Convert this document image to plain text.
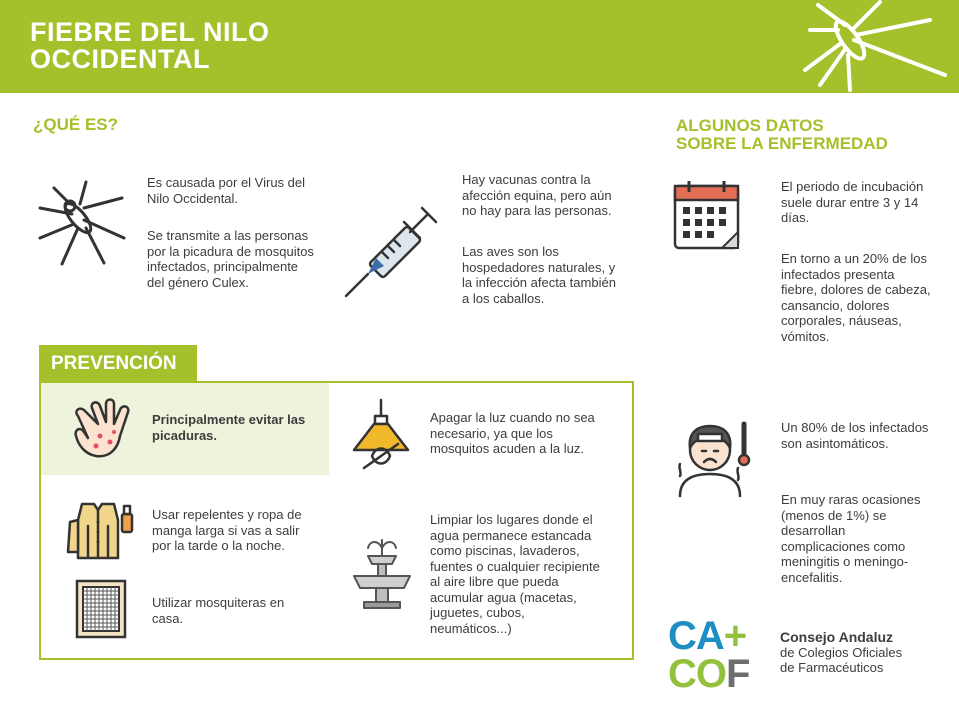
FIEBRE DEL NILO
OCCIDENTAL
¿QUÉ ES?

Es causada por el Virus del Nilo Occidental.

Se transmite a las personas por la picadura de mosquitos infectados, principalmente del género Culex.

Hay vacunas contra la afección equina, pero aún no hay para las personas.

Las aves son los hospedadores naturales, y la infección afecta también a los caballos.

ALGUNOS DATOS
SOBRE LA ENFERMEDAD

El periodo de incubación suele durar entre 3 y 14 días.

En torno a un 20% de los infectados presenta fiebre, dolores de cabeza, cansancio, dolores corporales, náuseas, vómitos.

Un 80% de los infectados son asintomáticos.

En muy raras ocasiones (menos de 1%) se desarrollan complicaciones como meningitis o meningo-encefalitis.

PREVENCIÓN

Principalmente evitar las picaduras.

Usar repelentes y ropa de manga larga si vas a salir por la tarde o la noche.

Utilizar mosquiteras en casa.

Apagar la luz cuando no sea necesario, ya que los mosquitos acuden a la luz.

Limpiar los lugares donde el agua permanece estancada como piscinas, lavaderos, fuentes o cualquier recipiente al aire libre que pueda acumular agua (macetas, juguetes, cubos, neumáticos...)	CA+
COF
Consejo Andaluz
de Colegios Oficiales
de Farmacéuticos
